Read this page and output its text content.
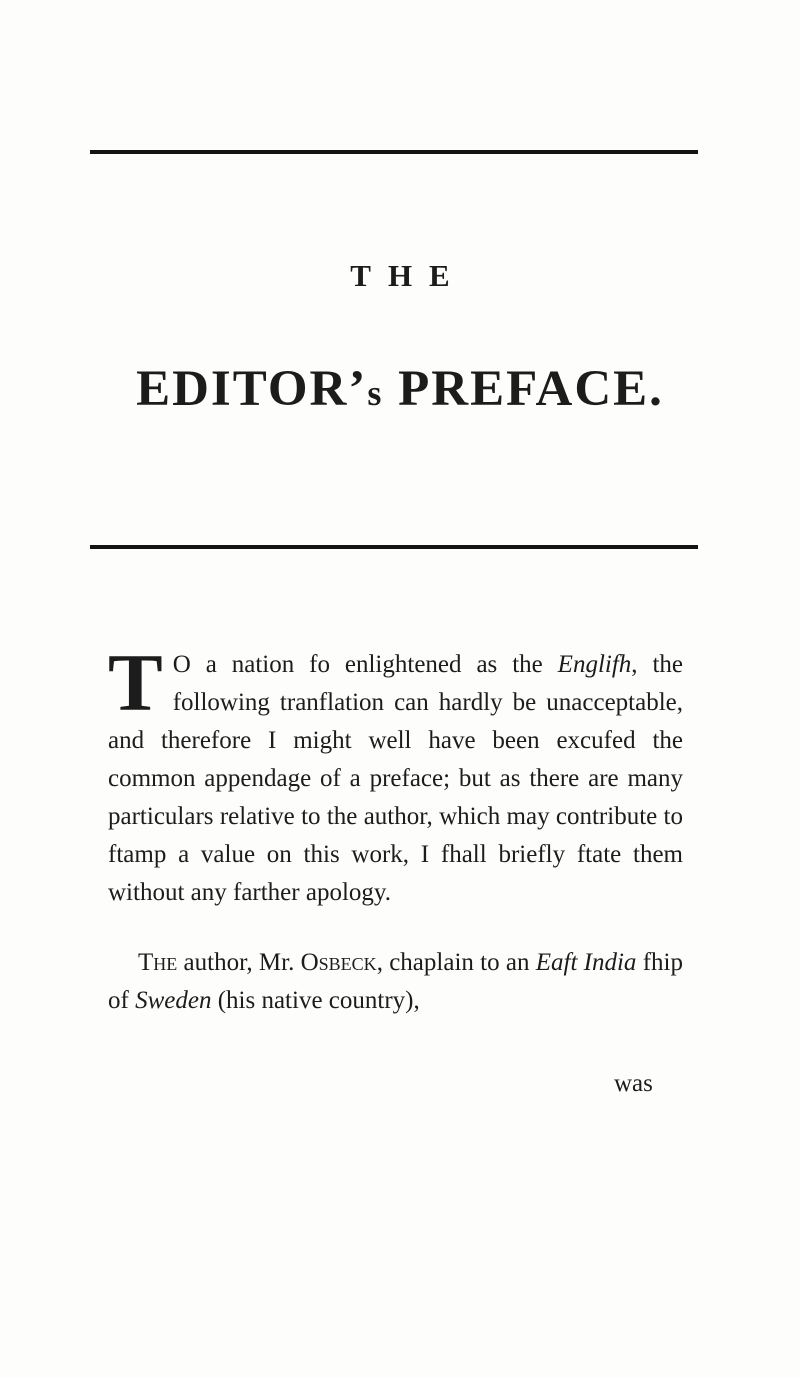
THE
EDITOR’s PREFACE.

T O a nation fo enlightened as the Englifh, the following tranflation can hardly be unacceptable, and therefore I might well have been excufed the common appendage of a preface; but as there are many particulars relative to the author, which may contribute to ftamp a value on this work, I fhall briefly ftate them without any farther apology.

The author, Mr. Osbeck, chaplain to an Eaft India fhip of Sweden (his native country),

was
